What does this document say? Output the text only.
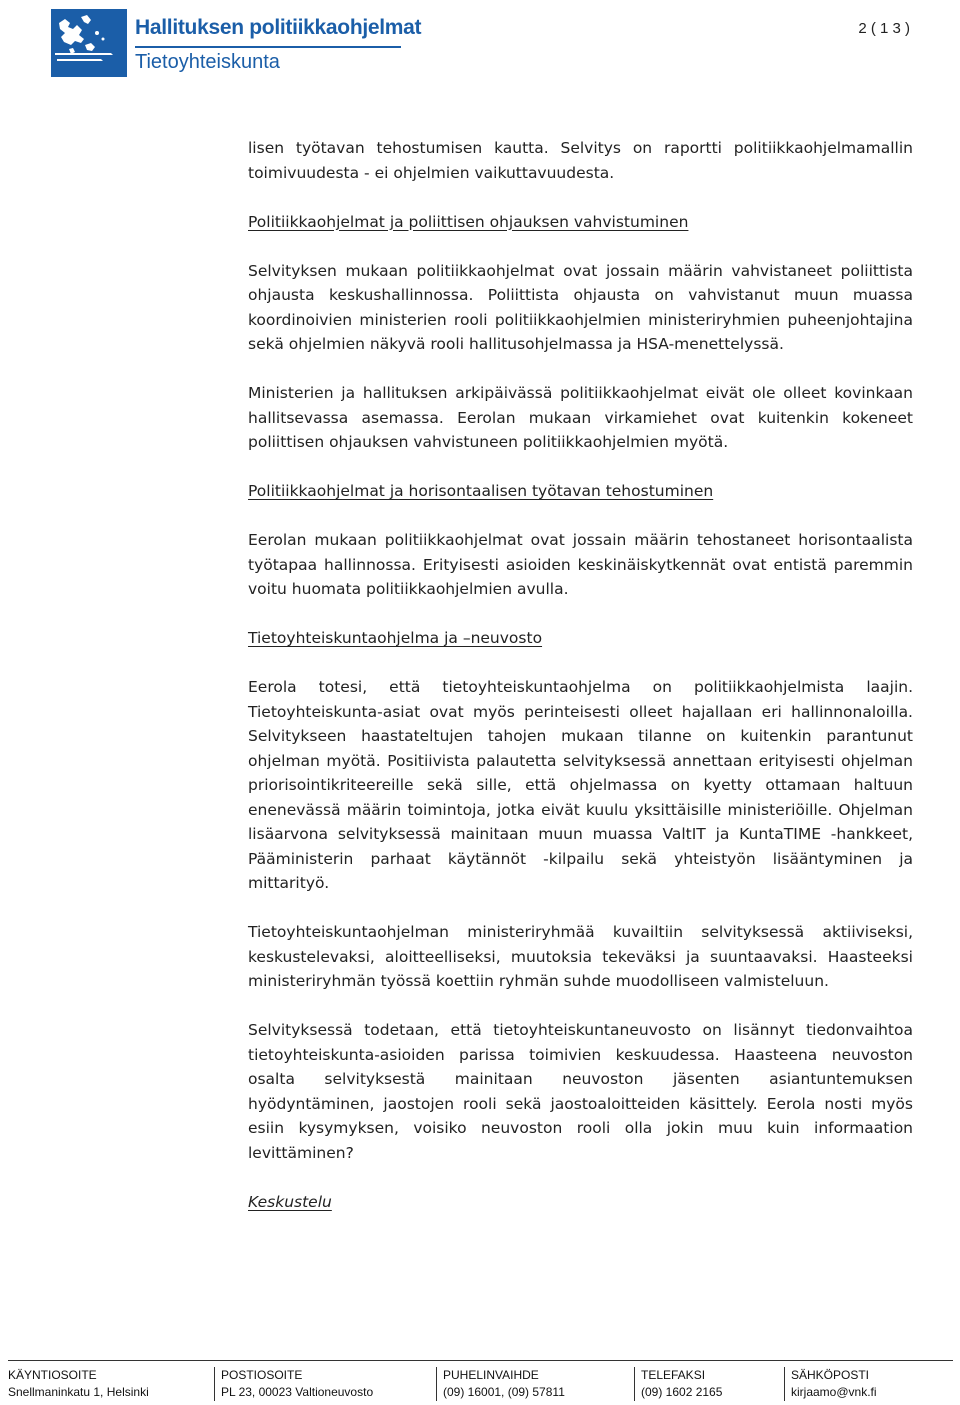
Hallituksen politiikkaohjelmat
Tietoyhteiskunta
2 ( 1 3 )

lisen työtavan tehostumisen kautta. Selvitys on raportti politiikkaohjelmamallin toimivuudesta - ei ohjelmien vaikuttavuudesta.

Politiikkaohjelmat ja poliittisen ohjauksen vahvistuminen

Selvityksen mukaan politiikkaohjelmat ovat jossain määrin vahvistaneet poliittista ohjausta keskushallinnossa. Poliittista ohjausta on vahvistanut muun muassa koordinoivien ministerien rooli politiikkaohjelmien ministeriryhmien puheenjohtajina sekä ohjelmien näkyvä rooli hallitusohjelmassa ja HSA-menettelyssä.

Ministerien ja hallituksen arkipäivässä politiikkaohjelmat eivät ole olleet kovinkaan hallitsevassa asemassa. Eerolan mukaan virkamiehet ovat kuitenkin kokeneet poliittisen ohjauksen vahvistuneen politiikkaohjelmien myötä.

Politiikkaohjelmat ja horisontaalisen työtavan tehostuminen

Eerolan mukaan politiikkaohjelmat ovat jossain määrin tehostaneet horisontaalista työtapaa hallinnossa. Erityisesti asioiden keskinäiskytkennät ovat entistä paremmin voitu huomata politiikkaohjelmien avulla.

Tietoyhteiskuntaohjelma ja –neuvosto

Eerola totesi, että tietoyhteiskuntaohjelma on politiikkaohjelmista laajin. Tietoyhteiskunta-asiat ovat myös perinteisesti olleet hajallaan eri hallinnonaloilla. Selvitykseen haastateltujen tahojen mukaan tilanne on kuitenkin parantunut ohjelman myötä. Positiivista palautetta selvityksessä annettaan erityisesti ohjelman priorisointikriteereille sekä sille, että ohjelmassa on kyetty ottamaan haltuun enenevässä määrin toimintoja, jotka eivät kuulu yksittäisille ministeriöille. Ohjelman lisäarvona selvityksessä mainitaan muun muassa ValtIT ja KuntaTIME -hankkeet, Pääministerin parhaat käytännöt -kilpailu sekä yhteistyön lisääntyminen ja mittarityö.

Tietoyhteiskuntaohjelman ministeriryhmää kuvailtiin selvityksessä aktiiviseksi, keskustelevaksi, aloitteelliseksi, muutoksia tekeväksi ja suuntaavaksi. Haasteeksi ministeriryhmän työssä koettiin ryhmän suhde muodolliseen valmisteluun.

Selvityksessä todetaan, että tietoyhteiskuntaneuvosto on lisännyt tiedonvaihtoa tietoyhteiskunta-asioiden parissa toimivien keskuudessa. Haasteena neuvoston osalta selvityksestä mainitaan neuvoston jäsenten asiantuntemuksen hyödyntäminen, jaostojen rooli sekä jaostoaloitteiden käsittely. Eerola nosti myös esiin kysymyksen, voisiko neuvoston rooli olla jokin muu kuin informaation levittäminen?

Keskustelu
KÄYNTIOSOITE
Snellmaninkatu 1, Helsinki
POSTIOSOITE
PL 23, 00023 Valtioneuvosto
PUHELINVAIHDE
(09) 16001, (09) 57811
TELEFAKSI
(09) 1602 2165
SÄHKÖPOSTI
kirjaamo@vnk.fi
